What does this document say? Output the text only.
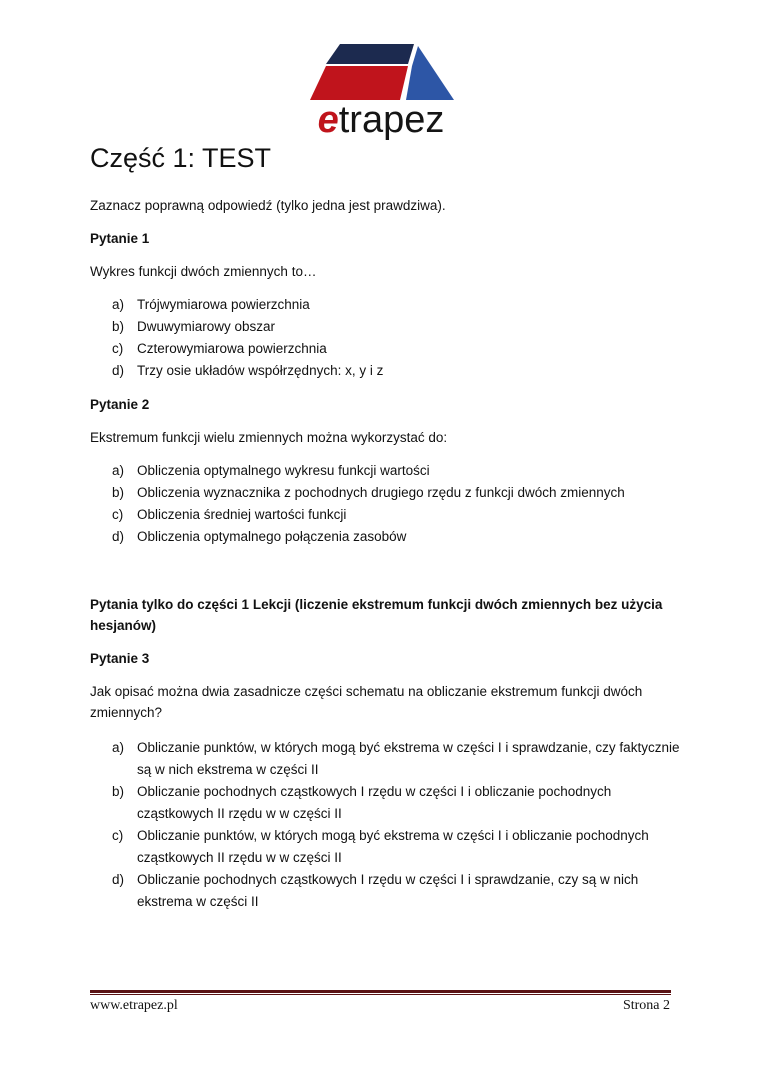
etrapez
Część 1: TEST

Zaznacz poprawną odpowiedź (tylko jedna jest prawdziwa).

Pytanie 1

Wykres funkcji dwóch zmiennych to…

a) Trójwymiarowa powierzchnia
b) Dwuwymiarowy obszar
c) Czterowymiarowa powierzchnia
d) Trzy osie układów współrzędnych: x, y i z

Pytanie 2

Ekstremum funkcji wielu zmiennych można wykorzystać do:

a) Obliczenia optymalnego wykresu funkcji wartości
b) Obliczenia wyznacznika z pochodnych drugiego rzędu z funkcji dwóch zmiennych
c) Obliczenia średniej wartości funkcji
d) Obliczenia optymalnego połączenia zasobów

Pytania tylko do części 1 Lekcji (liczenie ekstremum funkcji dwóch zmiennych bez użycia hesjanów)

Pytanie 3

Jak opisać można dwia zasadnicze części schematu na obliczanie ekstremum funkcji dwóch zmiennych?

a) Obliczanie punktów, w których mogą być ekstrema w części I i sprawdzanie, czy faktycznie są w nich ekstrema w części II
b) Obliczanie pochodnych cząstkowych I rzędu w części I i obliczanie pochodnych cząstkowych II rzędu w w części II
c) Obliczanie punktów, w których mogą być ekstrema w części I i obliczanie pochodnych cząstkowych II rzędu w w części II
d) Obliczanie pochodnych cząstkowych I rzędu w części I i sprawdzanie, czy są w nich ekstrema w części II
www.etrapez.pl	Strona 2
